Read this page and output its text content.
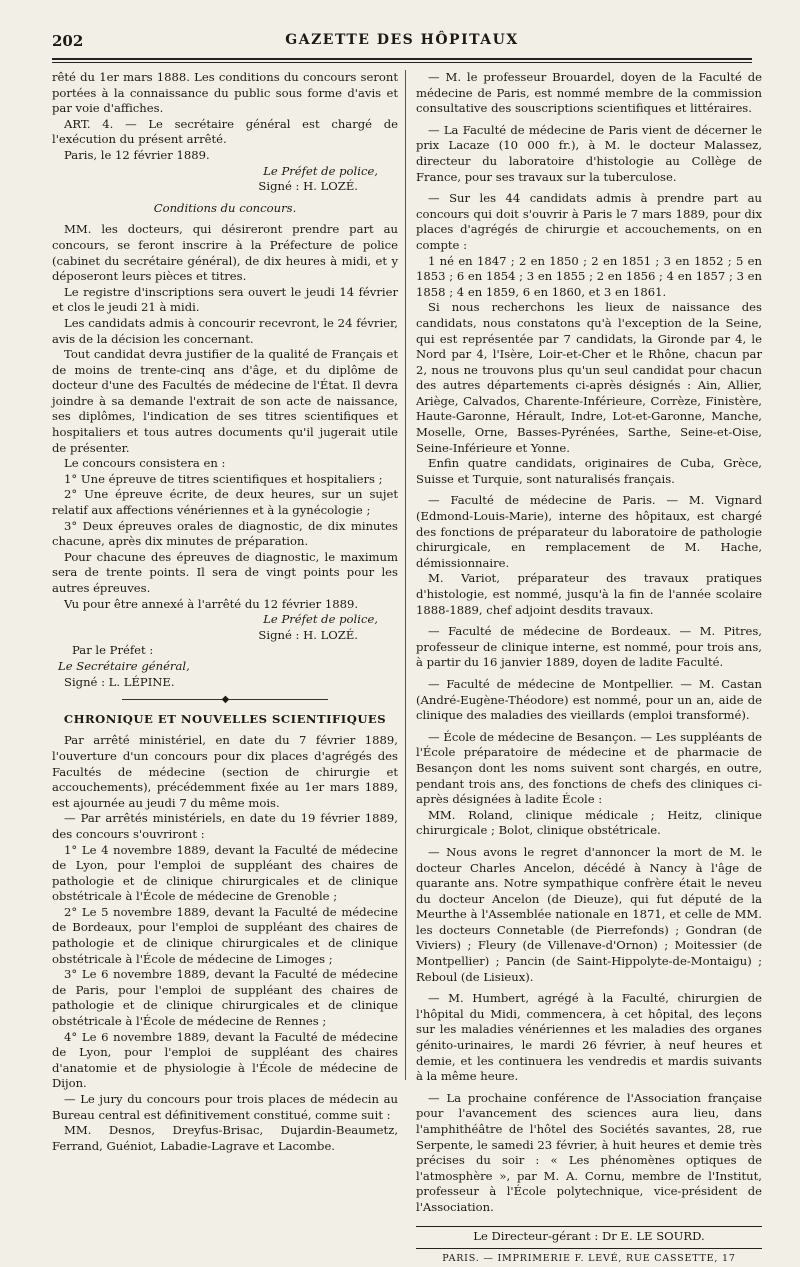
202	GAZETTE DES HÔPITAUX

rêté du 1er mars 1888. Les conditions du concours seront portées à la connaissance du public sous forme d'avis et par voie d'affiches.

ART. 4. — Le secrétaire général est chargé de l'exécution du présent arrêté.

Paris, le 12 février 1889.

Le Préfet de police,

Signé : H. LOZÉ.

Conditions du concours.

MM. les docteurs, qui désireront prendre part au concours, se feront inscrire à la Préfecture de police (cabinet du secrétaire général), de dix heures à midi, et y déposeront leurs pièces et titres.

Le registre d'inscriptions sera ouvert le jeudi 14 février et clos le jeudi 21 à midi.

Les candidats admis à concourir recevront, le 24 février, avis de la décision les concernant.

Tout candidat devra justifier de la qualité de Français et de moins de trente-cinq ans d'âge, et du diplôme de docteur d'une des Facultés de médecine de l'État. Il devra joindre à sa demande l'extrait de son acte de naissance, ses diplômes, l'indication de ses titres scientifiques et hospitaliers et tous autres documents qu'il jugerait utile de présenter.

Le concours consistera en :

1° Une épreuve de titres scientifiques et hospitaliers ;

2° Une épreuve écrite, de deux heures, sur un sujet relatif aux affections vénériennes et à la gynécologie ;

3° Deux épreuves orales de diagnostic, de dix minutes chacune, après dix minutes de préparation.

Pour chacune des épreuves de diagnostic, le maximum sera de trente points. Il sera de vingt points pour les autres épreuves.

Vu pour être annexé à l'arrêté du 12 février 1889.

Le Préfet de police,

Signé : H. LOZÉ.

Par le Préfet :

Le Secrétaire général,

Signé : L. LÉPINE.

◆

CHRONIQUE ET NOUVELLES SCIENTIFIQUES

Par arrêté ministériel, en date du 7 février 1889, l'ouverture d'un concours pour dix places d'agrégés des Facultés de médecine (section de chirurgie et accouchements), précédemment fixée au 1er mars 1889, est ajournée au jeudi 7 du même mois.

— Par arrêtés ministériels, en date du 19 février 1889, des concours s'ouvriront :

1° Le 4 novembre 1889, devant la Faculté de médecine de Lyon, pour l'emploi de suppléant des chaires de pathologie et de clinique chirurgicales et de clinique obstétricale à l'École de médecine de Grenoble ;

2° Le 5 novembre 1889, devant la Faculté de médecine de Bordeaux, pour l'emploi de suppléant des chaires de pathologie et de clinique chirurgicales et de clinique obstétricale à l'École de médecine de Limoges ;

3° Le 6 novembre 1889, devant la Faculté de médecine de Paris, pour l'emploi de suppléant des chaires de pathologie et de clinique chirurgicales et de clinique obstétricale à l'École de médecine de Rennes ;

4° Le 6 novembre 1889, devant la Faculté de médecine de Lyon, pour l'emploi de suppléant des chaires d'anatomie et de physiologie à l'École de médecine de Dijon.

— Le jury du concours pour trois places de médecin au Bureau central est définitivement constitué, comme suit :

MM. Desnos, Dreyfus-Brisac, Dujardin-Beaumetz, Ferrand, Guéniot, Labadie-Lagrave et Lacombe.

— M. le professeur Brouardel, doyen de la Faculté de médecine de Paris, est nommé membre de la commission consultative des souscriptions scientifiques et littéraires.

— La Faculté de médecine de Paris vient de décerner le prix Lacaze (10 000 fr.), à M. le docteur Malassez, directeur du laboratoire d'histologie au Collège de France, pour ses travaux sur la tuberculose.

— Sur les 44 candidats admis à prendre part au concours qui doit s'ouvrir à Paris le 7 mars 1889, pour dix places d'agrégés de chirurgie et accouchements, on en compte :

1 né en 1847 ; 2 en 1850 ; 2 en 1851 ; 3 en 1852 ; 5 en 1853 ; 6 en 1854 ; 3 en 1855 ; 2 en 1856 ; 4 en 1857 ; 3 en 1858 ; 4 en 1859, 6 en 1860, et 3 en 1861.

Si nous recherchons les lieux de naissance des candidats, nous constatons qu'à l'exception de la Seine, qui est représentée par 7 candidats, la Gironde par 4, le Nord par 4, l'Isère, Loir-et-Cher et le Rhône, chacun par 2, nous ne trouvons plus qu'un seul candidat pour chacun des autres départements ci-après désignés : Ain, Allier, Ariège, Calvados, Charente-Inférieure, Corrèze, Finistère, Haute-Garonne, Hérault, Indre, Lot-et-Garonne, Manche, Moselle, Orne, Basses-Pyrénées, Sarthe, Seine-et-Oise, Seine-Inférieure et Yonne.

Enfin quatre candidats, originaires de Cuba, Grèce, Suisse et Turquie, sont naturalisés français.

— Faculté de médecine de Paris. — M. Vignard (Edmond-Louis-Marie), interne des hôpitaux, est chargé des fonctions de préparateur du laboratoire de pathologie chirurgicale, en remplacement de M. Hache, démissionnaire.

M. Variot, préparateur des travaux pratiques d'histologie, est nommé, jusqu'à la fin de l'année scolaire 1888-1889, chef adjoint desdits travaux.

— Faculté de médecine de Bordeaux. — M. Pitres, professeur de clinique interne, est nommé, pour trois ans, à partir du 16 janvier 1889, doyen de ladite Faculté.

— Faculté de médecine de Montpellier. — M. Castan (André-Eugène-Théodore) est nommé, pour un an, aide de clinique des maladies des vieillards (emploi transformé).

— École de médecine de Besançon. — Les suppléants de l'École préparatoire de médecine et de pharmacie de Besançon dont les noms suivent sont chargés, en outre, pendant trois ans, des fonctions de chefs des cliniques ci-après désignées à ladite École :

MM. Roland, clinique médicale ; Heitz, clinique chirurgicale ; Bolot, clinique obstétricale.

— Nous avons le regret d'annoncer la mort de M. le docteur Charles Ancelon, décédé à Nancy à l'âge de quarante ans. Notre sympathique confrère était le neveu du docteur Ancelon (de Dieuze), qui fut député de la Meurthe à l'Assemblée nationale en 1871, et celle de MM. les docteurs Connetable (de Pierrefonds) ; Gondran (de Viviers) ; Fleury (de Villenave-d'Ornon) ; Moitessier (de Montpellier) ; Pancin (de Saint-Hippolyte-de-Montaigu) ; Reboul (de Lisieux).

— M. Humbert, agrégé à la Faculté, chirurgien de l'hôpital du Midi, commencera, à cet hôpital, des leçons sur les maladies vénériennes et les maladies des organes génito-urinaires, le mardi 26 février, à neuf heures et demie, et les continuera les vendredis et mardis suivants à la même heure.

— La prochaine conférence de l'Association française pour l'avancement des sciences aura lieu, dans l'amphithéâtre de l'hôtel des Sociétés savantes, 28, rue Serpente, le samedi 23 février, à huit heures et demie très précises du soir : « Les phénomènes optiques de l'atmosphère », par M. A. Cornu, membre de l'Institut, professeur à l'École polytechnique, vice-président de l'Association.

Le Directeur-gérant : Dr E. LE SOURD.

PARIS. — IMPRIMERIE F. LEVÉ, RUE CASSETTE, 17
